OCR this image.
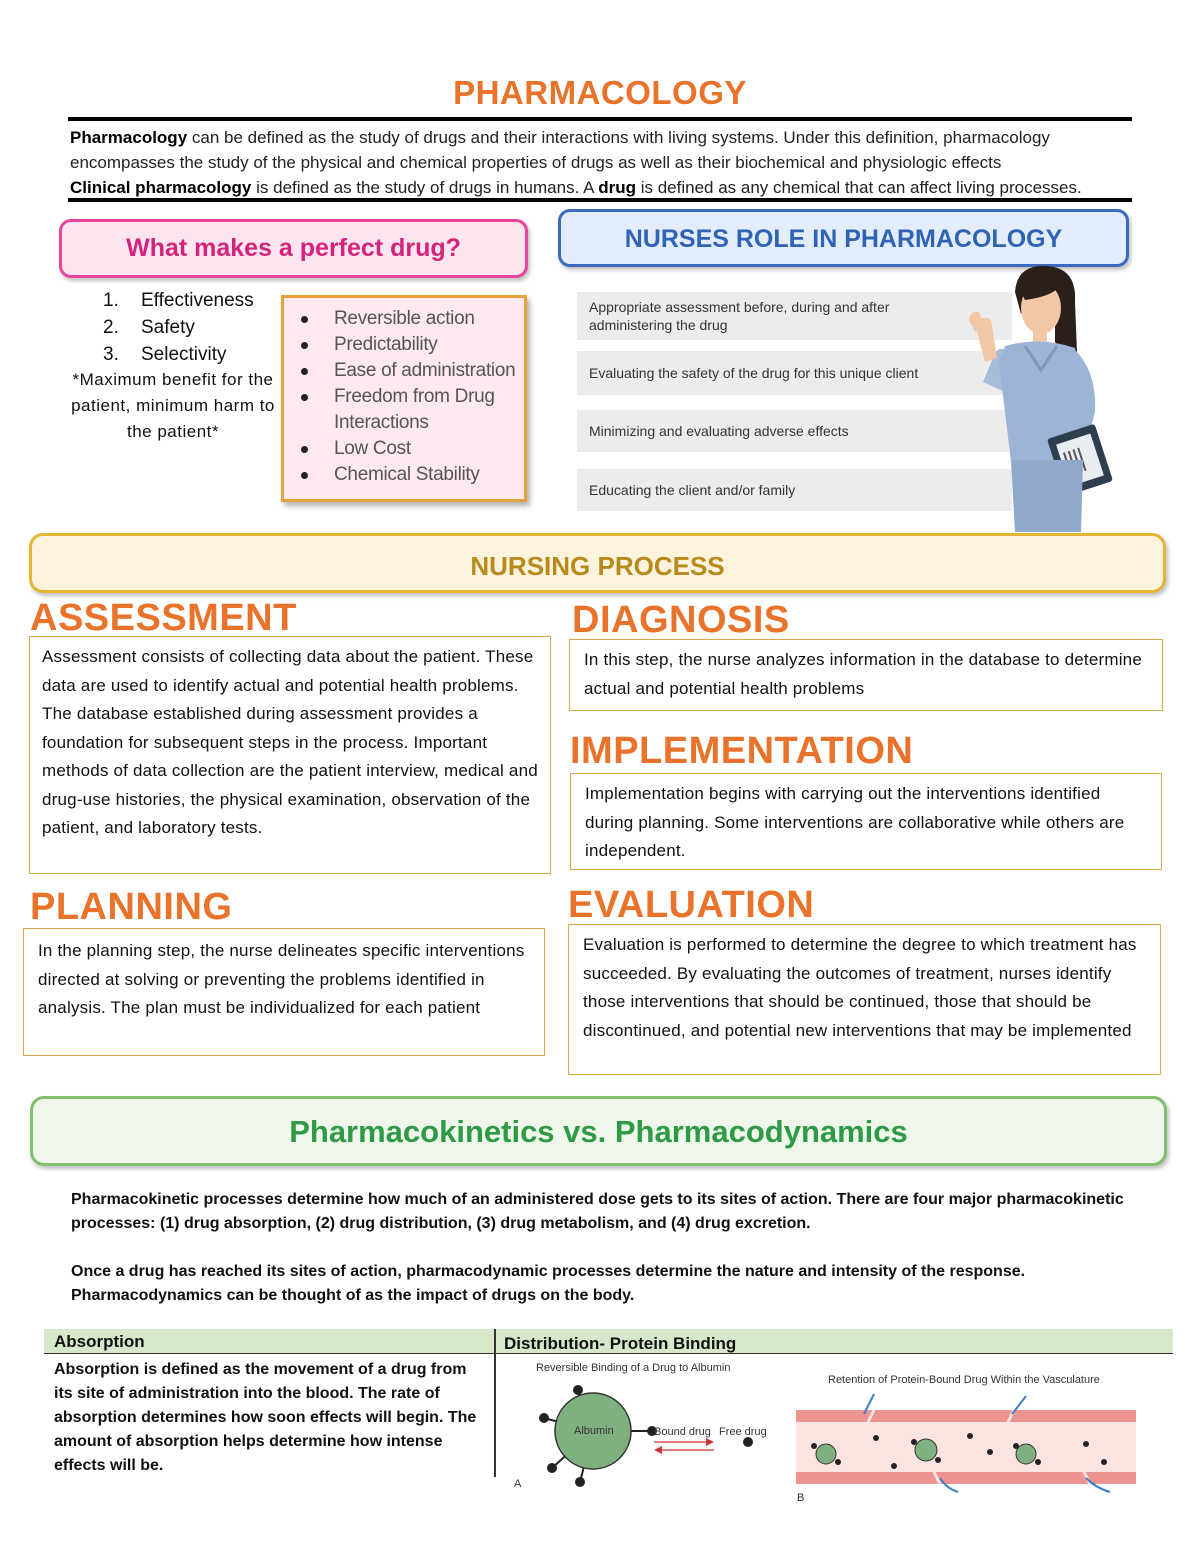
PHARMACOLOGY
Pharmacology can be defined as the study of drugs and their interactions with living systems. Under this definition, pharmacology encompasses the study of the physical and chemical properties of drugs as well as their biochemical and physiologic effects
Clinical pharmacology is defined as the study of drugs in humans. A drug is defined as any chemical that can affect living processes.
What makes a perfect drug?
1. Effectiveness
2. Safety
3. Selectivity
*Maximum benefit for the patient, minimum harm to the patient*
Reversible action
Predictability
Ease of administration
Freedom from Drug Interactions
Low Cost
Chemical Stability
NURSES ROLE IN PHARMACOLOGY
Appropriate assessment before, during and after administering the drug
Evaluating the safety of the drug for this unique client
Minimizing and evaluating adverse effects
Educating the client and/or family
NURSING PROCESS
ASSESSMENT
Assessment consists of collecting data about the patient. These data are used to identify actual and potential health problems. The database established during assessment provides a foundation for subsequent steps in the process. Important methods of data collection are the patient interview, medical and drug-use histories, the physical examination, observation of the patient, and laboratory tests.
DIAGNOSIS
In this step, the nurse analyzes information in the database to determine actual and potential health problems
IMPLEMENTATION
Implementation begins with carrying out the interventions identified during planning. Some interventions are collaborative while others are independent.
PLANNING
In the planning step, the nurse delineates specific interventions directed at solving or preventing the problems identified in analysis. The plan must be individualized for each patient
EVALUATION
Evaluation is performed to determine the degree to which treatment has succeeded. By evaluating the outcomes of treatment, nurses identify those interventions that should be continued, those that should be discontinued, and potential new interventions that may be implemented
Pharmacokinetics vs. Pharmacodynamics
Pharmacokinetic processes determine how much of an administered dose gets to its sites of action. There are four major pharmacokinetic processes: (1) drug absorption, (2) drug distribution, (3) drug metabolism, and (4) drug excretion.
Once a drug has reached its sites of action, pharmacodynamic processes determine the nature and intensity of the response. Pharmacodynamics can be thought of as the impact of drugs on the body.
Absorption	Distribution- Protein Binding
Absorption is defined as the movement of a drug from its site of administration into the blood. The rate of absorption determines how soon effects will begin. The amount of absorption helps determine how intense effects will be.
Reversible Binding of a Drug to Albumin
Albumin	Bound drug Free drug
A
Retention of Protein-Bound Drug Within the Vasculature
B
